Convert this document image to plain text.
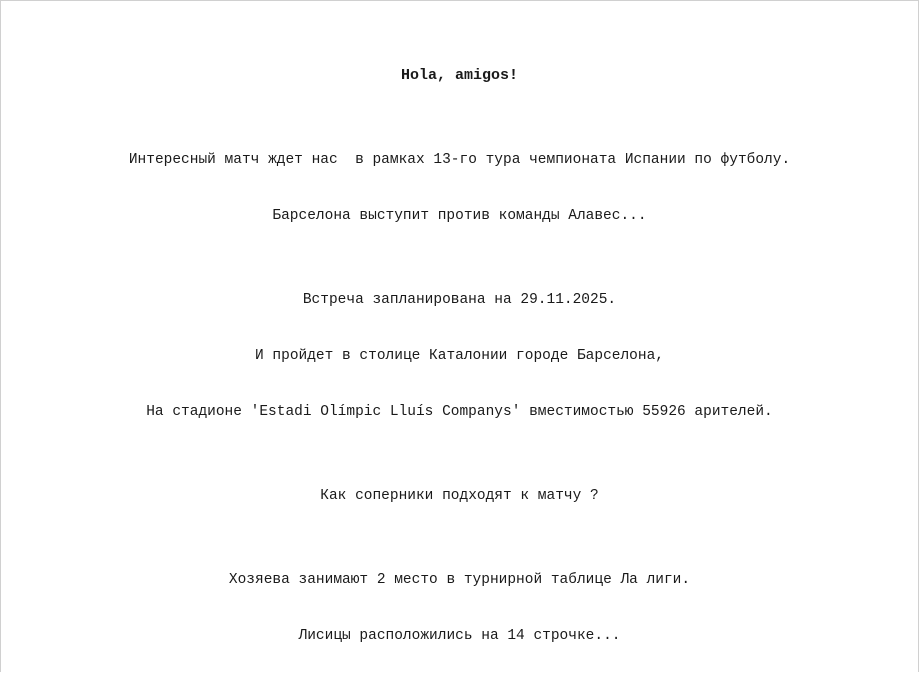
Hola, amigos!
Интересный матч ждет нас  в рамках 13-го тура чемпионата Испании по футболу.
Барселона выступит против команды Алавес...
Встреча запланирована на 29.11.2025.
И пройдет в столице Каталонии городе Барселона,
На стадионе 'Estadi Olímpic Lluís Companys' вместимостью 55926 арителей.
Как соперники подходят к матчу ?
Хозяева занимают 2 место в турнирной таблице Ла лиги.
Лисицы расположились на 14 строчке...
